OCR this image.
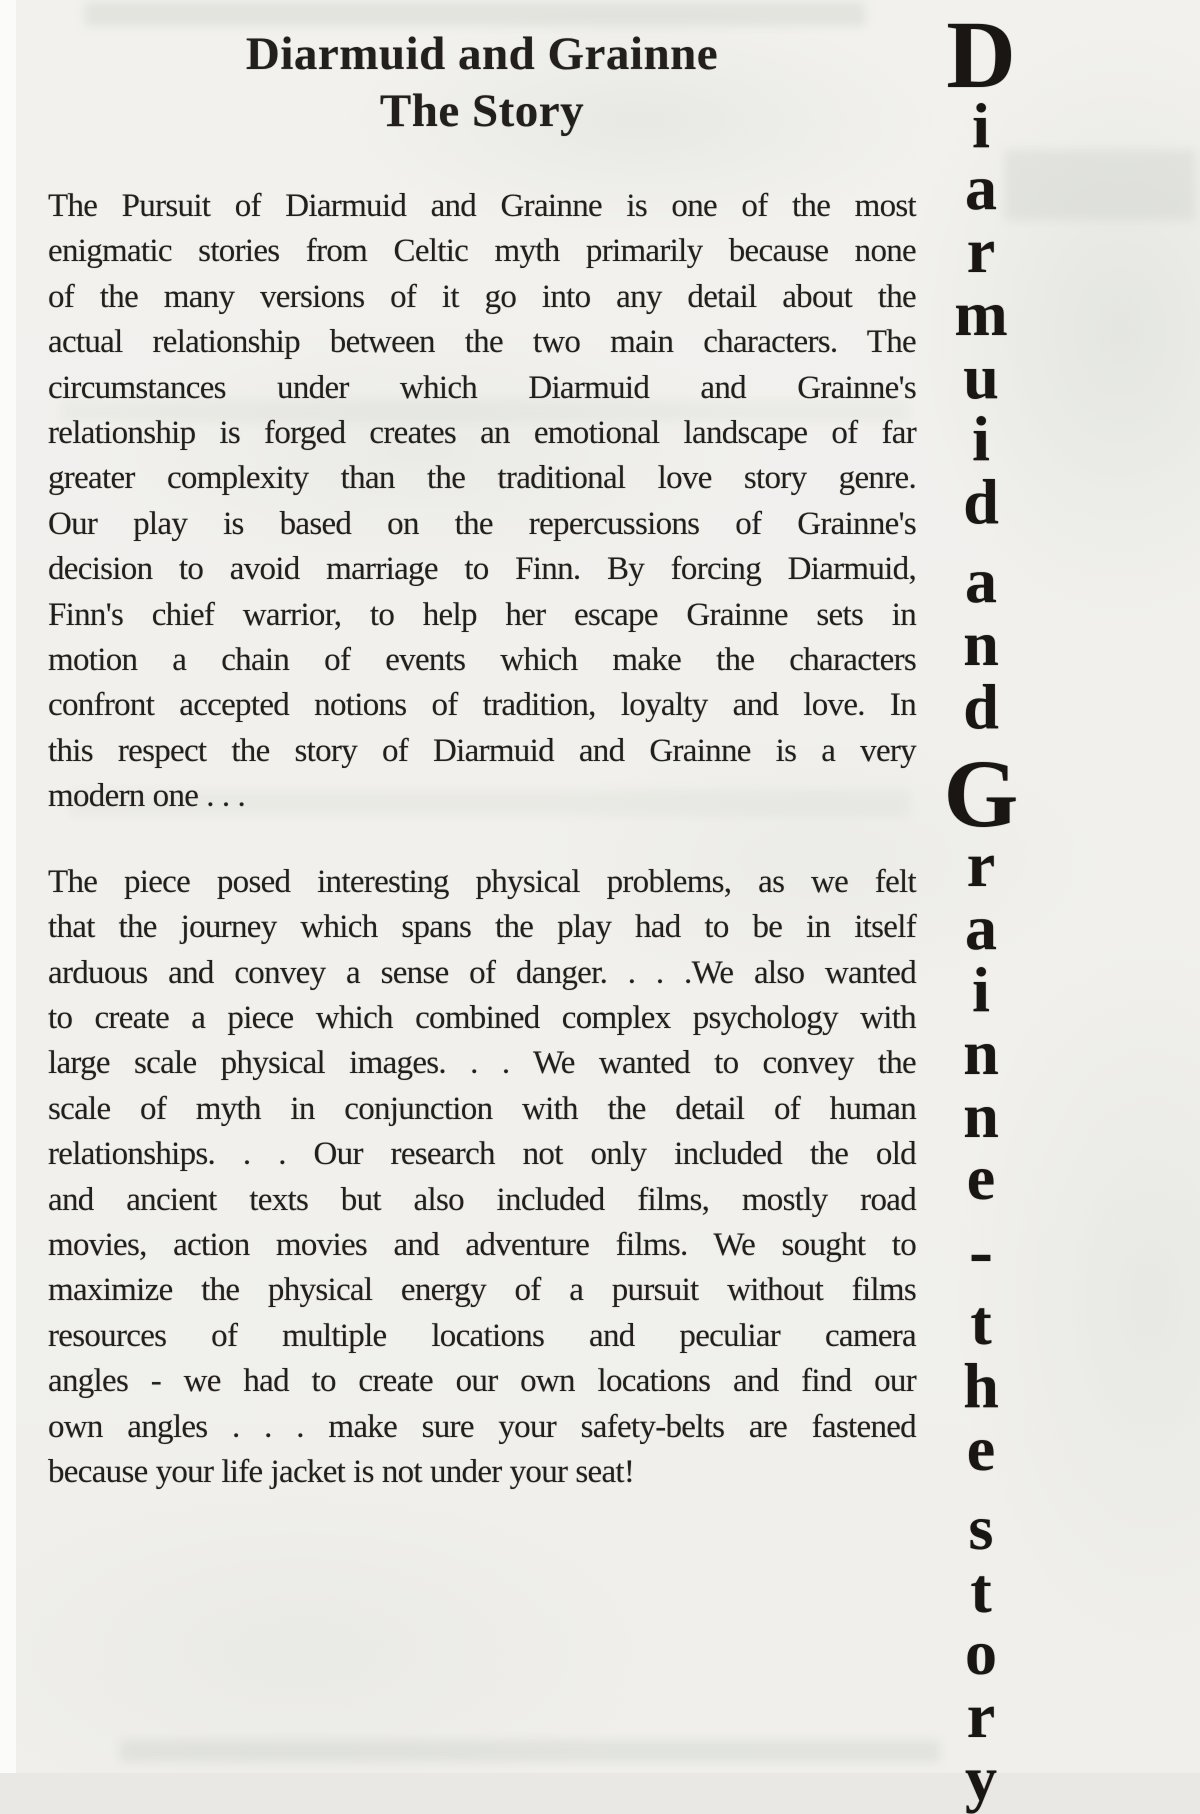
Diarmuid and Grainne
The Story
The Pursuit of Diarmuid and Grainne is one of the most
enigmatic stories from Celtic myth primarily because none
of the many versions of it go into any detail about the
actual relationship between the two main characters. The
circumstances under which Diarmuid and Grainne's
relationship is forged creates an emotional landscape of far
greater complexity than the traditional love story genre.
Our play is based on the repercussions of Grainne's
decision to avoid marriage to Finn. By forcing Diarmuid,
Finn's chief warrior, to help her escape Grainne sets in
motion a chain of events which make the characters
confront accepted notions of tradition, loyalty and love. In
this respect the story of Diarmuid and Grainne is a very
modern one . . .
The piece posed interesting physical problems, as we felt
that the journey which spans the play had to be in itself
arduous and convey a sense of danger. . . .We also wanted
to create a piece which combined complex psychology with
large scale physical images. . . We wanted to convey the
scale of myth in conjunction with the detail of human
relationships. . . Our research not only included the old
and ancient texts but also included films, mostly road
movies, action movies and adventure films. We sought to
maximize the physical energy of a pursuit without films
resources of multiple locations and peculiar camera
angles - we had to create our own locations and find our
own angles . . . make sure your safety-belts are fastened
because your life jacket is not under your seat!
D
i
a
r
m
u
i
d
a
n
d
G
r
a
i
n
n
e
-
t
h
e
s
t
o
r
y
